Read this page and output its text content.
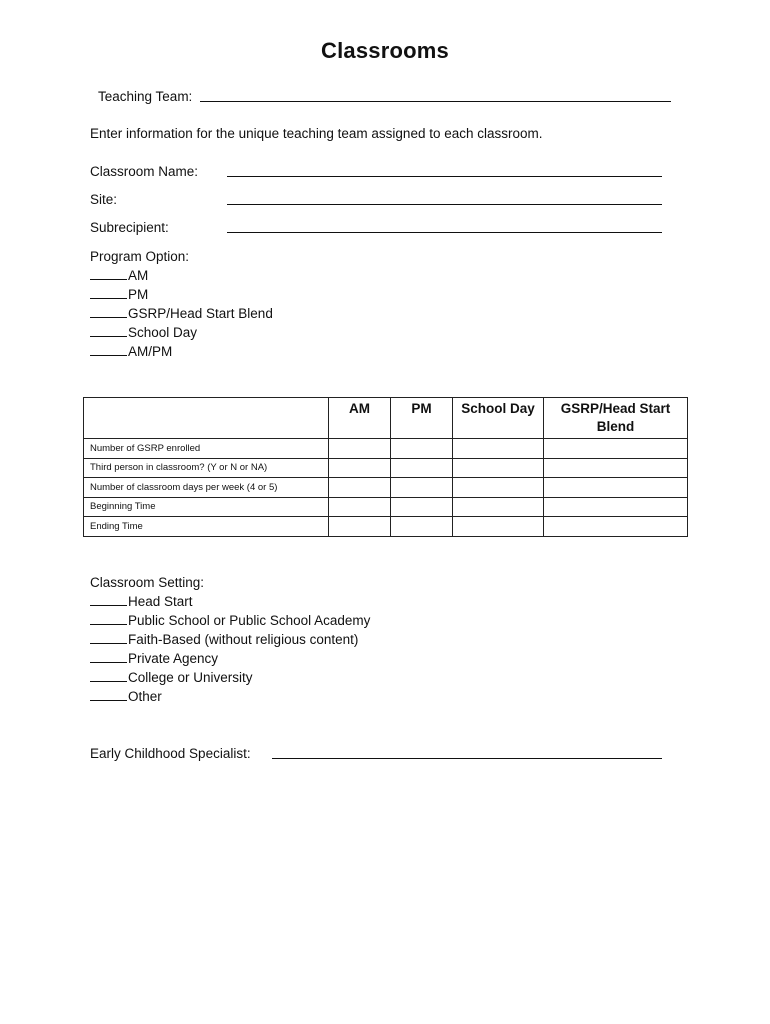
Classrooms
Teaching Team:
Enter information for the unique teaching team assigned to each classroom.
Classroom Name:
Site:
Subrecipient:
Program Option:
AM
PM
GSRP/Head Start Blend
School Day
AM/PM
	AM	PM	School Day	GSRP/Head Start Blend
Number of GSRP enrolled				
Third person in classroom? (Y or N or NA)				
Number of classroom days per week (4 or 5)				
Beginning Time				
Ending Time				
Classroom Setting:
Head Start
Public School or Public School Academy
Faith-Based (without religious content)
Private Agency
College or University
Other
Early Childhood Specialist:
